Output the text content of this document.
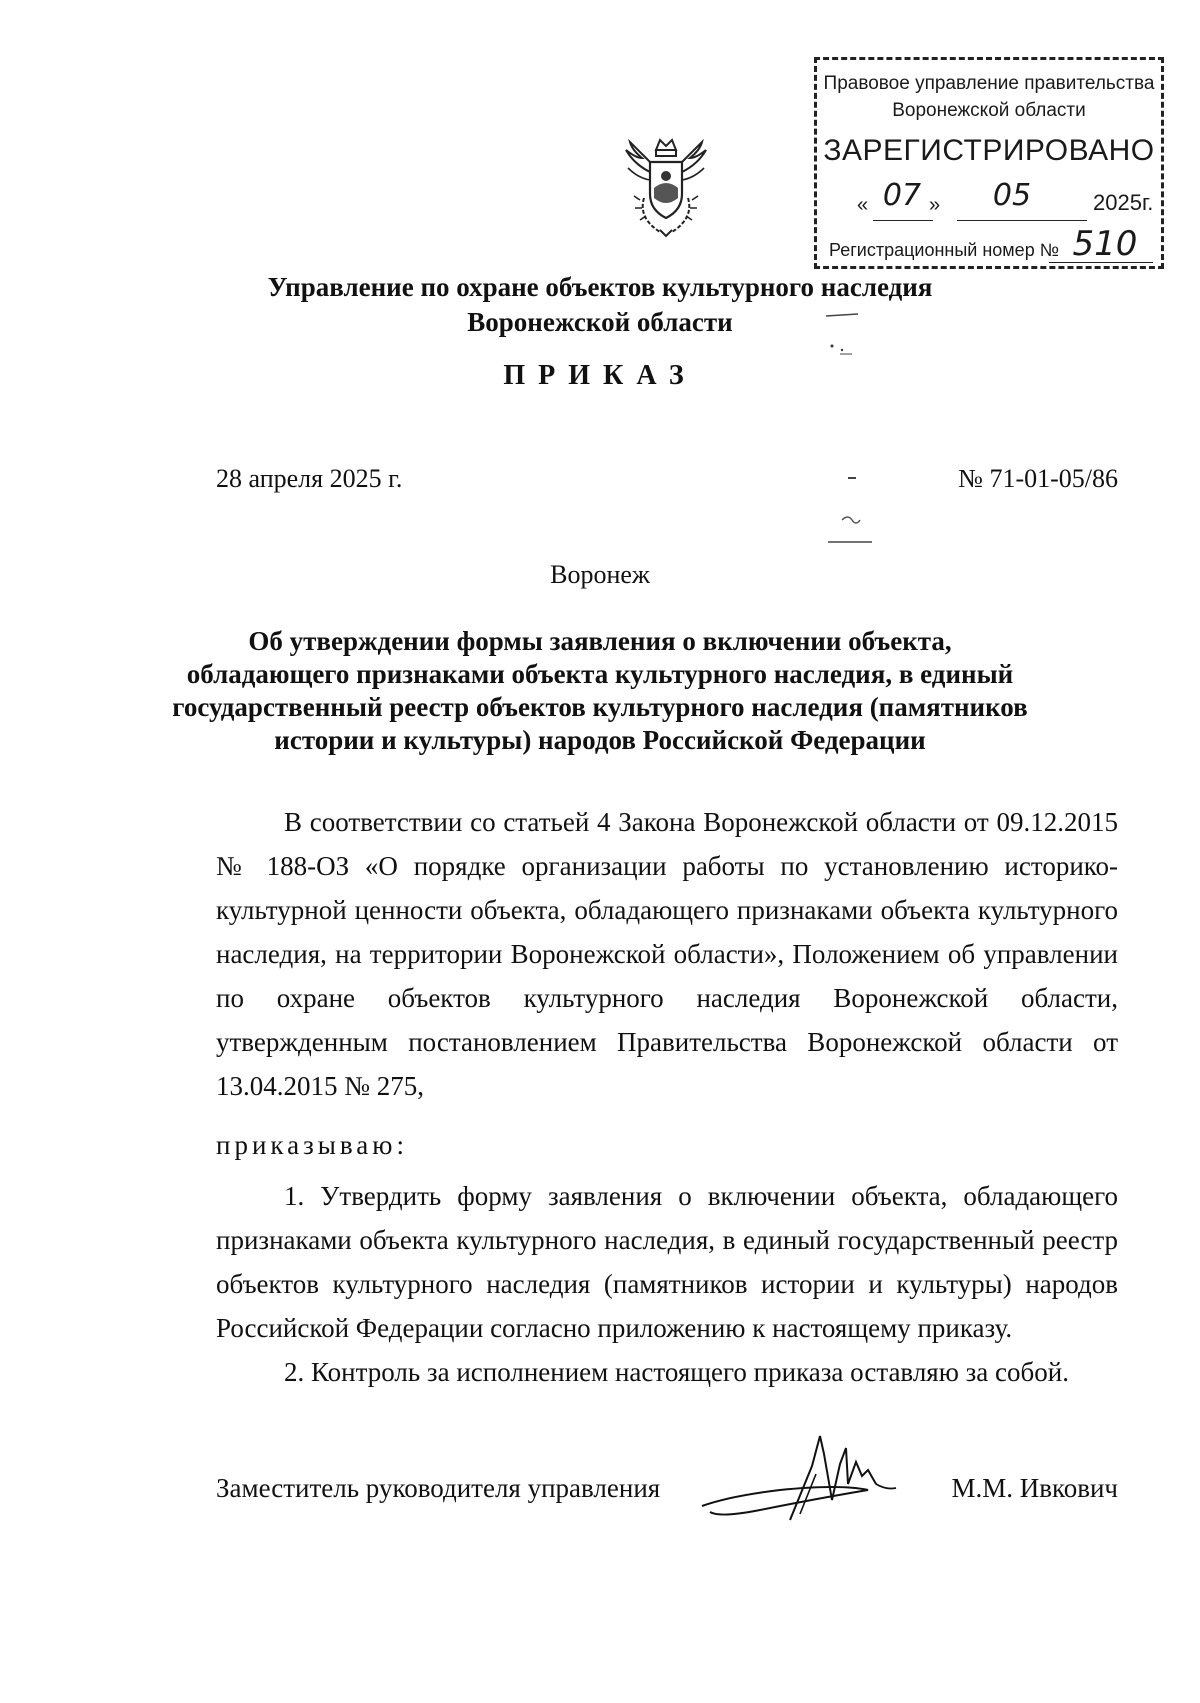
Правовое управление правительства
Воронежской области
ЗАРЕГИСТРИРОВАНО
« 07 »	05	2025г.
Регистрационный номер № 510
Управление по охране объектов культурного наследия
Воронежской области
ПРИКАЗ
28 апреля 2025 г.	№ 71-01-05/86
Воронеж
Об утверждении формы заявления о включении объекта, обладающего признаками объекта культурного наследия, в единый государственный реестр объектов культурного наследия (памятников истории и культуры) народов Российской Федерации
В соответствии со статьей 4 Закона Воронежской области от 09.12.2015 № 188-ОЗ «О порядке организации работы по установлению историко-культурной ценности объекта, обладающего признаками объекта культурного наследия, на территории Воронежской области», Положением об управлении по охране объектов культурного наследия Воронежской области, утвержденным постановлением Правительства Воронежской области от 13.04.2015 № 275,
приказываю:
1. Утвердить форму заявления о включении объекта, обладающего признаками объекта культурного наследия, в единый государственный реестр объектов культурного наследия (памятников истории и культуры) народов Российской Федерации согласно приложению к настоящему приказу.
2. Контроль за исполнением настоящего приказа оставляю за собой.
Заместитель руководителя управления	М.М. Ивкович
